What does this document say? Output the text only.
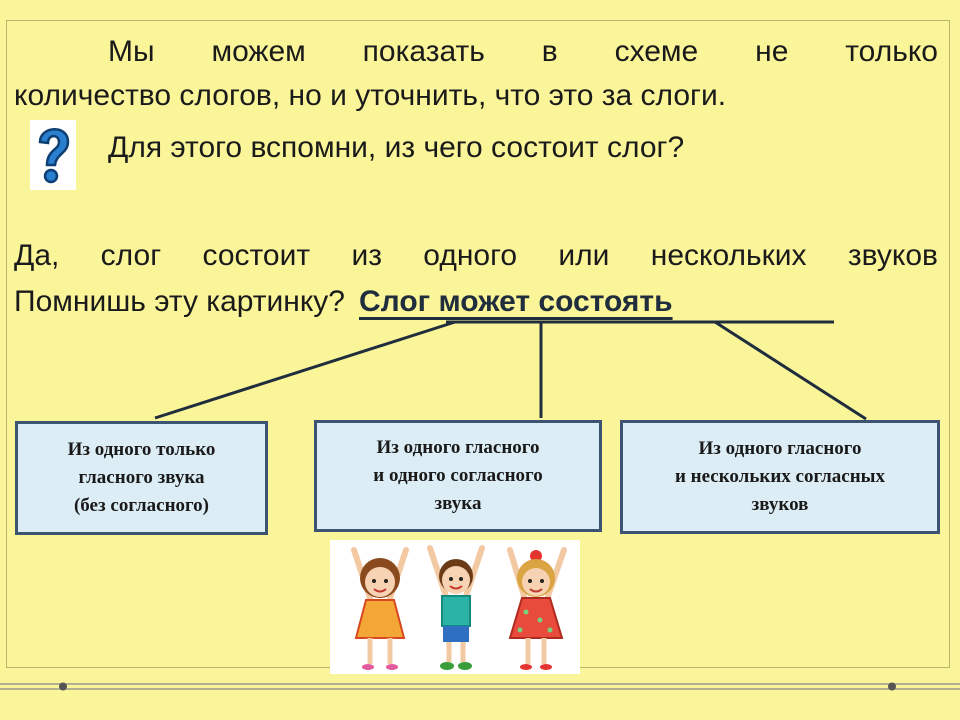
Мы можем показать в схеме не только

количество слогов, но и уточнить, что это за слоги.

Для этого вспомни, из чего состоит слог?

Да, слог состоит из одного или нескольких звуков

Помнишь эту картинку? Слог может состоять

Из одного только
гласного звука
(без согласного)
Из одного гласного
и одного согласного
звука
Из одного гласного
и нескольких согласных
звуков
